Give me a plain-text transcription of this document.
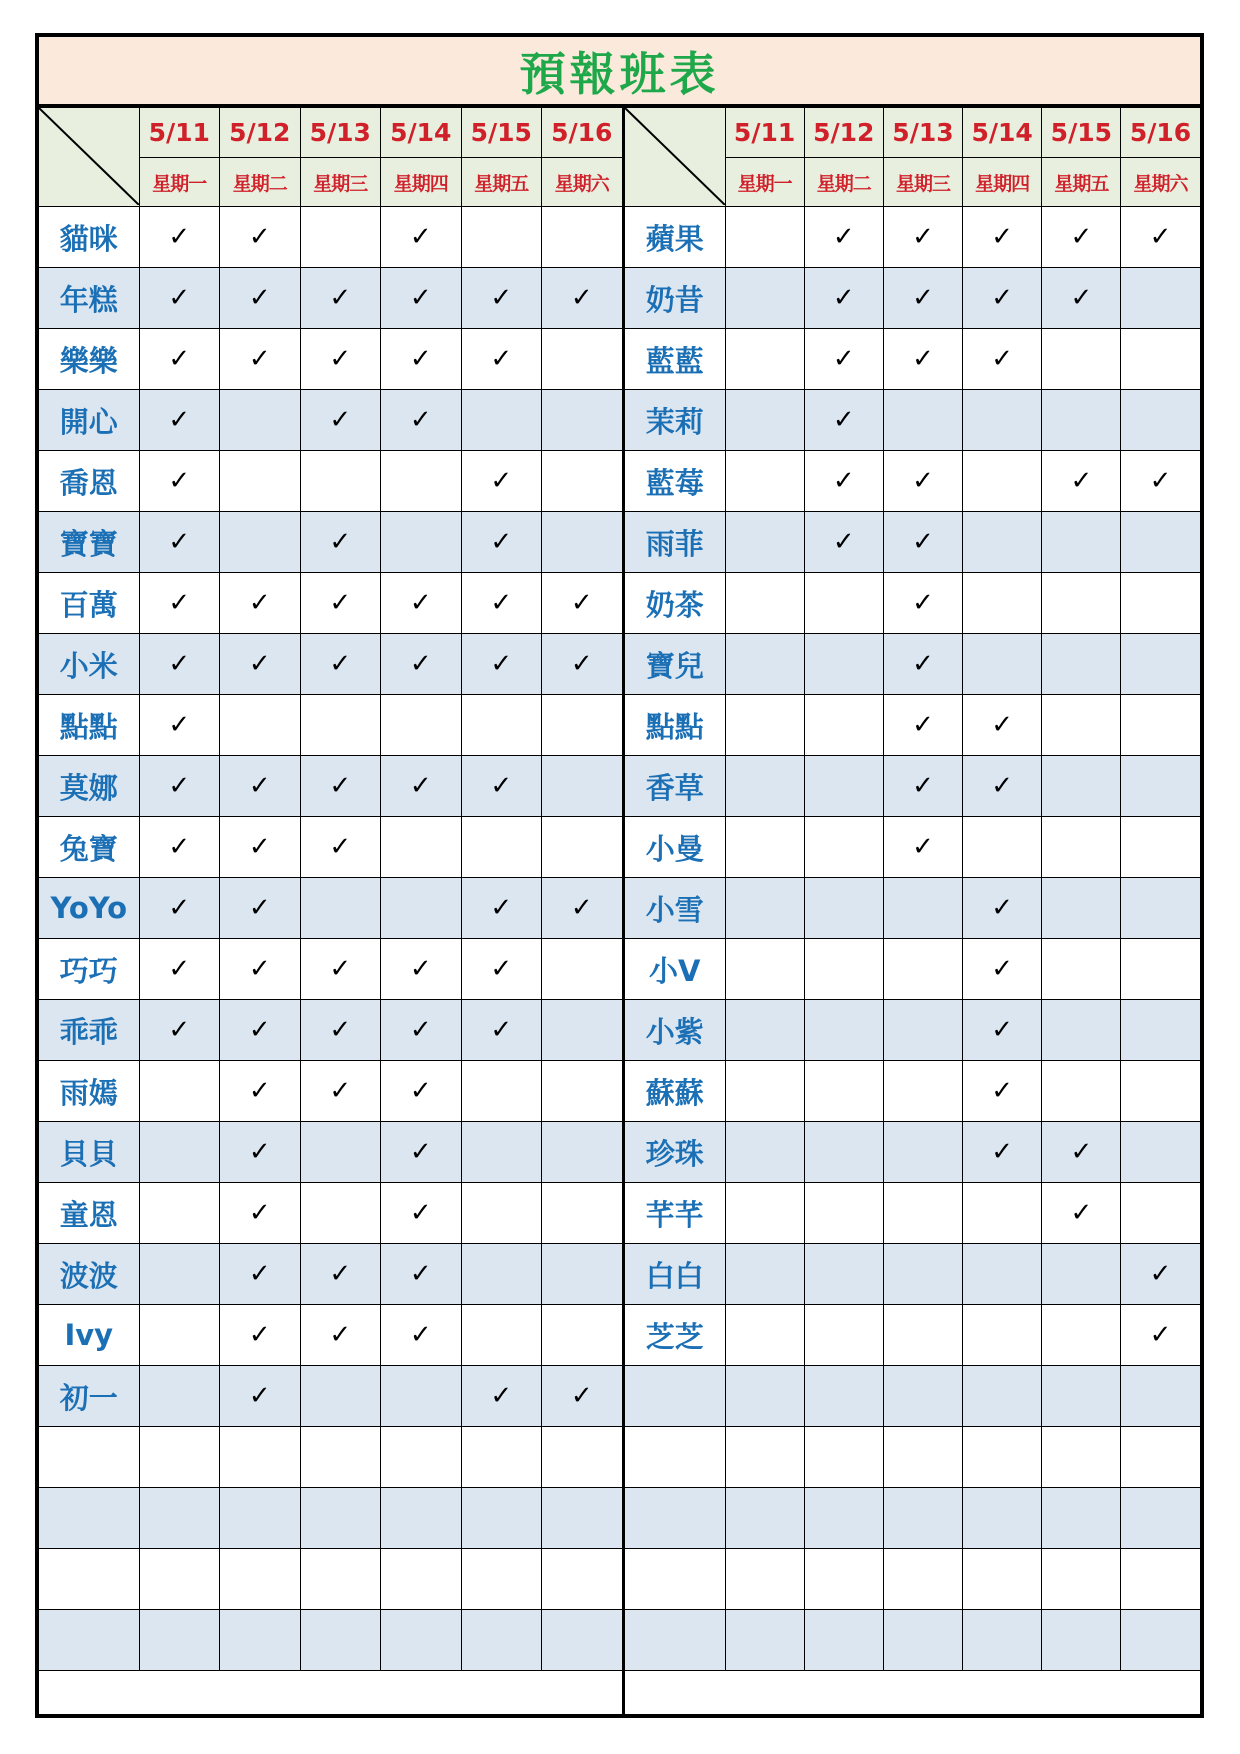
預報班表
	5/11	5/12	5/13	5/14	5/15	5/16
	星期一	星期二	星期三	星期四	星期五	星期六
貓咪	✓	✓		✓		
年糕	✓	✓	✓	✓	✓	✓
樂樂	✓	✓	✓	✓	✓	
開心	✓		✓	✓		
喬恩	✓				✓	
寶寶	✓		✓		✓	
百萬	✓	✓	✓	✓	✓	✓
小米	✓	✓	✓	✓	✓	✓
點點	✓					
莫娜	✓	✓	✓	✓	✓	
兔寶	✓	✓	✓			
YoYo	✓	✓			✓	✓
巧巧	✓	✓	✓	✓	✓	
乖乖	✓	✓	✓	✓	✓	
雨嫣		✓	✓	✓		
貝貝		✓		✓		
童恩		✓		✓		
波波		✓	✓	✓		
Ivy		✓	✓	✓		
初一		✓			✓	✓

	5/11	5/12	5/13	5/14	5/15	5/16
	星期一	星期二	星期三	星期四	星期五	星期六
蘋果		✓	✓	✓	✓	✓
奶昔		✓	✓	✓	✓	
藍藍		✓	✓	✓		
茉莉		✓				
藍莓		✓	✓		✓	✓
雨菲		✓	✓			
奶茶			✓			
寶兒			✓			
點點			✓	✓		
香草			✓	✓		
小曼			✓			
小雪				✓		
小V				✓		
小紫				✓		
蘇蘇				✓		
珍珠				✓	✓	
芊芊					✓	
白白						✓
芝芝						✓
